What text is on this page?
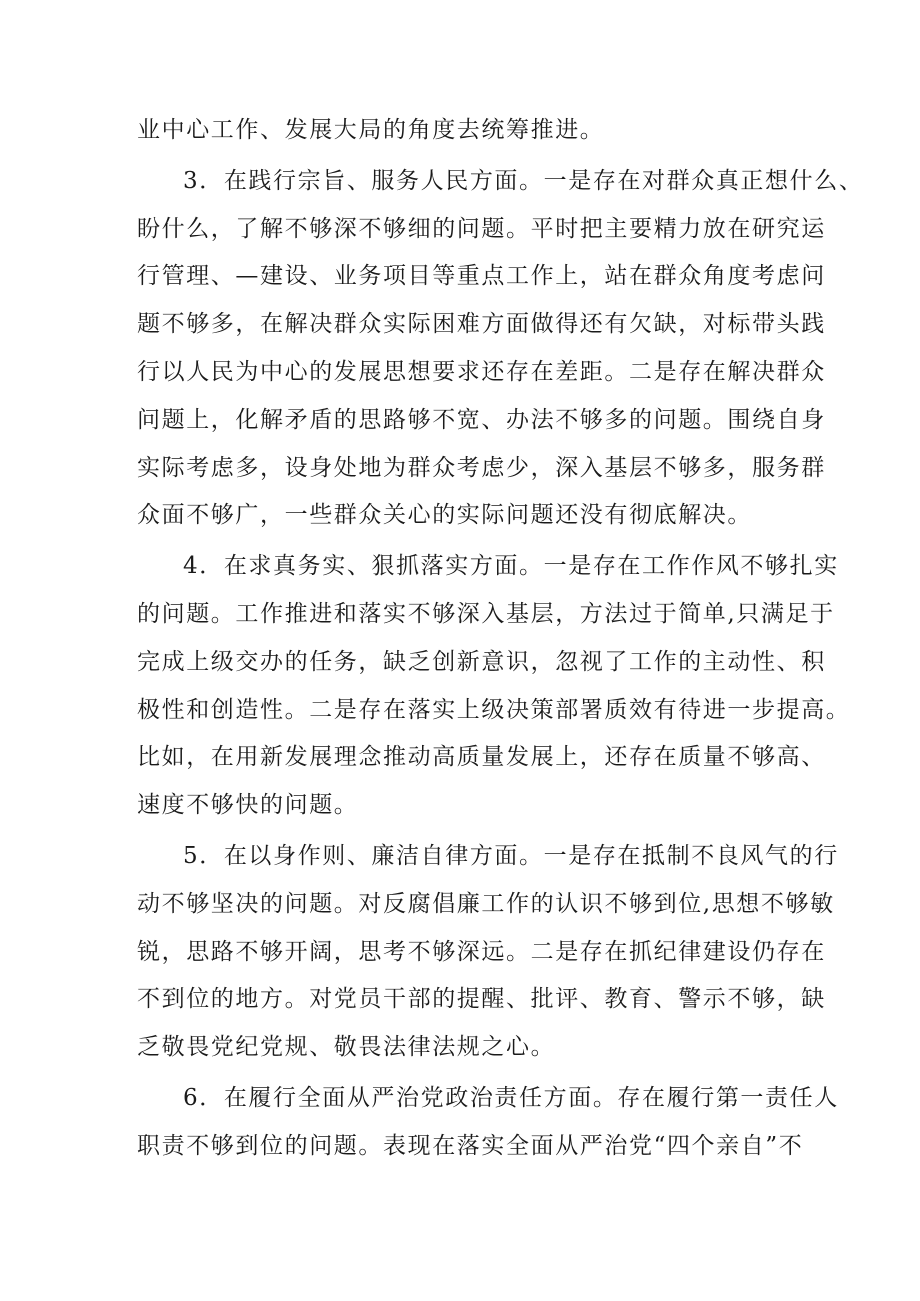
业中心工作、发展大局的角度去统筹推进。
3．在践行宗旨、服务人民方面。一是存在对群众真正想什么、
盼什么，了解不够深不够细的问题。平时把主要精力放在研究运
行管理、—建设、业务项目等重点工作上，站在群众角度考虑问
题不够多，在解决群众实际困难方面做得还有欠缺，对标带头践
行以人民为中心的发展思想要求还存在差距。二是存在解决群众
问题上，化解矛盾的思路够不宽、办法不够多的问题。围绕自身
实际考虑多，设身处地为群众考虑少，深入基层不够多，服务群
众面不够广，一些群众关心的实际问题还没有彻底解决。
4．在求真务实、狠抓落实方面。一是存在工作作风不够扎实
的问题。工作推进和落实不够深入基层，方法过于简单,只满足于
完成上级交办的任务，缺乏创新意识，忽视了工作的主动性、积
极性和创造性。二是存在落实上级决策部署质效有待进一步提高。
比如，在用新发展理念推动高质量发展上，还存在质量不够高、
速度不够快的问题。
5．在以身作则、廉洁自律方面。一是存在抵制不良风气的行
动不够坚决的问题。对反腐倡廉工作的认识不够到位,思想不够敏
锐，思路不够开阔，思考不够深远。二是存在抓纪律建设仍存在
不到位的地方。对党员干部的提醒、批评、教育、警示不够，缺
乏敬畏党纪党规、敬畏法律法规之心。
6．在履行全面从严治党政治责任方面。存在履行第一责任人
职责不够到位的问题。表现在落实全面从严治党“四个亲自”不
